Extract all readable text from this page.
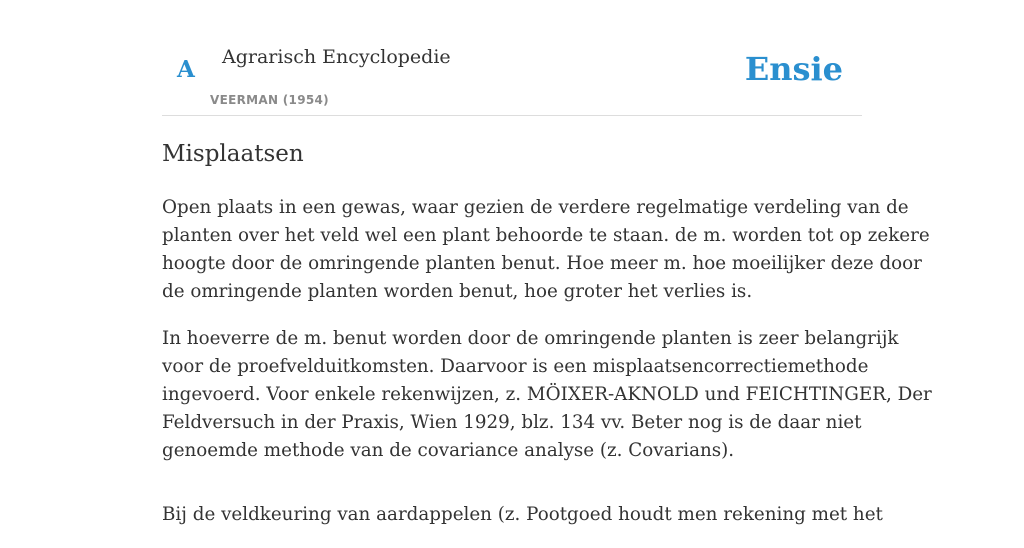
A Agrarisch Encyclopedie
VEERMAN (1954)
Ensie
Misplaatsen

Open plaats in een gewas, waar gezien de verdere regelmatige verdeling van de
planten over het veld wel een plant behoorde te staan. de m. worden tot op zekere
hoogte door de omringende planten benut. Hoe meer m. hoe moeilijker deze door
de omringende planten worden benut, hoe groter het verlies is.

In hoeverre de m. benut worden door de omringende planten is zeer belangrijk
voor de proefvelduitkomsten. Daarvoor is een misplaatsencorrectiemethode
ingevoerd. Voor enkele rekenwijzen, z. MÖIXER-AKNOLD und FEICHTINGER, Der
Feldversuch in der Praxis, Wien 1929, blz. 134 vv. Beter nog is de daar niet
genoemde methode van de covariance analyse (z. Covarians).

Bij de veldkeuring van aardappelen (z. Pootgoed houdt men rekening met het
